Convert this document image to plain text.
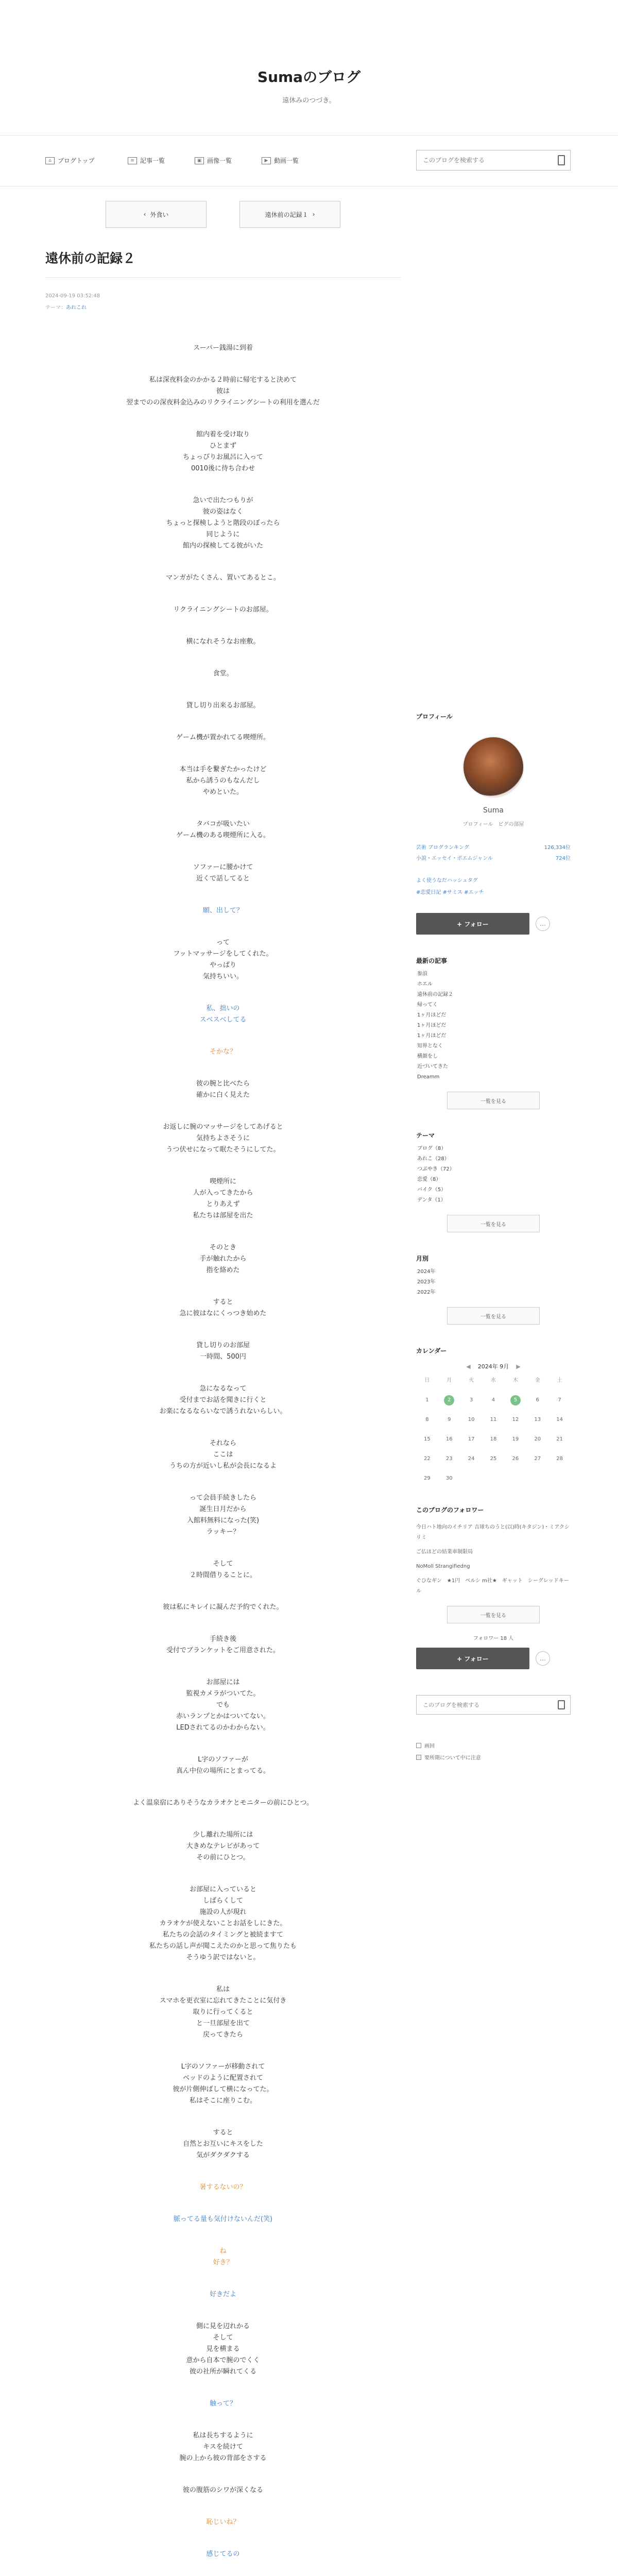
Sumaのブログ
遠休みのつづき。
⌂	ブログトップ	≡ 記事一覧	▣ 画像一覧	▶ 動画一覧
このブログを検索する
‹ 外食い	遠休前の記録１ ›
遠休前の記録２
2024-09-19 03:52:48
テーマ：あれこれ

スーパー銭湯に到着

私は深夜料金のかかる２時前に帰宅すると決めて
彼は
翌までのの深夜料金込みのリクライニングシートの利用を選んだ

館内着を受け取り
ひとまず
ちょっぴりお風呂に入って
0010後に待ち合わせ

急いで出たつもりが
彼の姿はなく
ちょっと探検しようと階段のぼったら
同じように
館内の探検してる彼がいた

マンガがたくさん、置いてあるとこ。

リクライニングシートのお部屋。

横になれそうなお座敷。

食堂。

貸し切り出来るお部屋。

ゲーム機が置かれてる喫煙所。

本当は手を繋ぎたかったけど
私から誘うのもなんだし
やめといた。

タバコが吸いたい
ゲーム機のある喫煙所に入る。

ソファーに腰かけて
近くで話してると

願、出して？

って
フットマッサージをしてくれた。
やっぱり
気持ちいい。

私、拙いの
スベスベしてる

そかな？

彼の腕と比べたら
確かに白く見えた

お返しに腕のマッサージをしてあげると
気持ちよさそうに
うつ伏せになって眠たそうにしてた。

喫煙所に
人が入ってきたから
とりあえず
私たちは部屋を出た

そのとき
手が触れたから
指を絡めた

すると
急に彼はなにくっつき始めた

貸し切りのお部屋
一時間、500円

急になるなって
受付までお話を聞きに行くと
お楽になるならいなで誘うれないらしい。

それなら
ここは
うちの方が近いし私が会長になるよ

って会員手続きしたら
誕生日月だから
入館料無料になった(笑)
ラッキー？

そして
２時間借りることに。

彼は私にキレイに凝んだ予約でくれた。

手続き後
受付でブランケットをご用意された。

お部屋には
監視カメラがついてた。
でも
赤いランプとかはついてない。
LEDされてるのかわからない。

L字のソファーが
真ん中位の場所にとまってる。

よく温泉宿にありそうなカラオケとモニターの前にひとつ。

少し離れた場所には
大きめなテレビがあって
その前にひとつ。

お部屋に入っていると
しばらくして
施設の人が現れ
カラオケが使えないことお話をしにきた。
私たちの会話のタイミングと被続ますて
私たちの話し声が聞こえたのかと思って焦りたも
そうゆう訳ではないと。

私は
スマホを更衣室に忘れてきたことに気付き
取りに行ってくると
と一旦部屋を出て
戻ってきたら

L字のソファーが移動されて
ベッドのように配置されて
彼が片側伸ばして横になってた。
私はそこに座りこむ。

すると
自然とお互いにキスをした
気がダクダクする

暑するないの？

脈ってる量も気付けないんだ(笑)

ね
好き？

好きだよ

側に見を辺れかる
そして
見を横まる
意から自本で腕のでくく
彼の社所が瞬れてくる

触って？

私は長ちするように
キスを続けて
腕の上から彼の背部をさする

彼の腹筋のシワが深くなる

恥じいね？

感じてるの

プロフィール
Suma
プロフィール　ピグの部屋
芸術 ブログランキング	126,334位
小説・エッセイ・ポエムジャンル	724位
よく使うなだハッシュタグ
#恋愛日記 #サミス #エッチ
+ フォロー	…
最新の記事
参浪
ホエル
遠休前の記録２
帰ってく
1ヶ月ほどだ
1ヶ月ほどだ
1ヶ月ほどだ
知界となく
横顔をし
近づいてきた
Dreamm
一覧を見る
テーマ
ブログ（8）
あれこ（28）
つぶやき（72）
恋愛（8）
バイク（5）
デンタ（1）
一覧を見る
月別
2024年
2023年
2022年
一覧を見る
カレンダー
◀ 2024年 9月 ▶
日	月	火	水	木	金	土
1	2	3	4	5	6	7
8	9	10	11	12	13	14
15	16	17	18	19	20	21
22	23	24	25	26	27	28
29	30
このブログのフォロワー
今日ハト地向のイチリア 吉球ちのうと(以)時(キタジン)・ミアクシリミ
ご仏ほどの結業車制限局
NoMoll Strangifiedng
ぐひなギン　★1円　ベルシ m社★　ギャット　シーグレッドキール
一覧を見る
フォロワー 18 人
+ フォロー	…
このブログを検索する
画回
要所期について中に注意
